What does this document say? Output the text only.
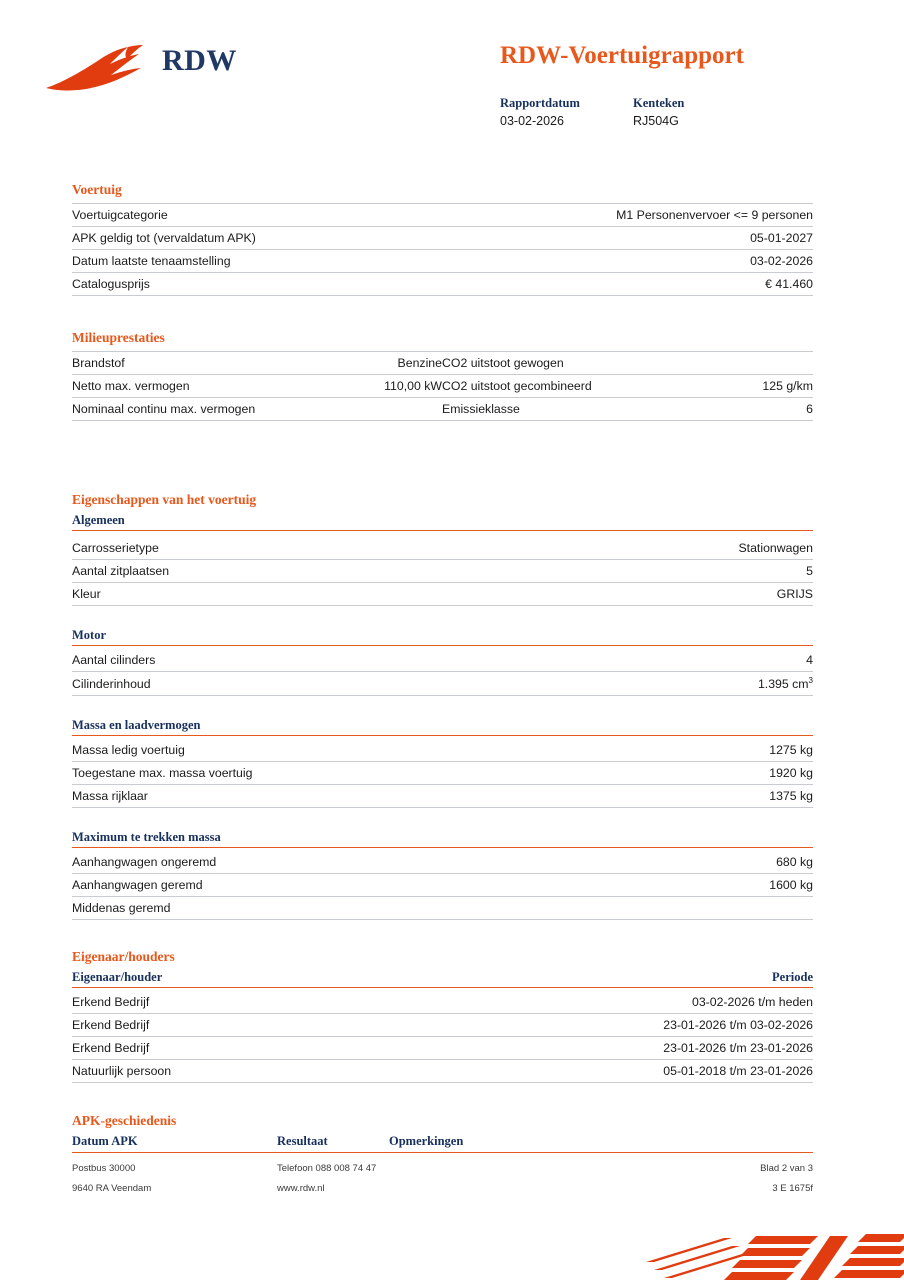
RDW	RDW-Voertuigrapport
Rapportdatum
03-02-2026
Kenteken
RJ504G
Voertuig
Voertuigcategorie	M1 Personenvervoer <= 9 personen
APK geldig tot (vervaldatum APK)	05-01-2027
Datum laatste tenaamstelling	03-02-2026
Catalogusprijs	€ 41.460
Milieuprestaties
Brandstof	Benzine	CO2 uitstoot gewogen	
Netto max. vermogen	110,00 kW	CO2 uitstoot gecombineerd	125 g/km
Nominaal continu max. vermogen		Emissieklasse	6
Eigenschappen van het voertuig
Algemeen
Carrosserietype	Stationwagen
Aantal zitplaatsen	5
Kleur	GRIJS
Motor
Aantal cilinders	4
Cilinderinhoud	1.395 $cm^3$
Massa en laadvermogen
Massa ledig voertuig	1275 kg
Toegestane max. massa voertuig	1920 kg
Massa rijklaar	1375 kg
Maximum te trekken massa
Aanhangwagen ongeremd	680 kg
Aanhangwagen geremd	1600 kg
Middenas geremd	
Eigenaar/houders
Eigenaar/houder	Periode
Erkend Bedrijf	03-02-2026 t/m heden
Erkend Bedrijf	23-01-2026 t/m 03-02-2026
Erkend Bedrijf	23-01-2026 t/m 23-01-2026
Natuurlijk persoon	05-01-2018 t/m 23-01-2026
APK-geschiedenis
Datum APK	Resultaat	Opmerkingen
Postbus 30000	Telefoon 088 008 74 47	Blad 2 van 3
9640 RA Veendam	www.rdw.nl	3 E 1675f
